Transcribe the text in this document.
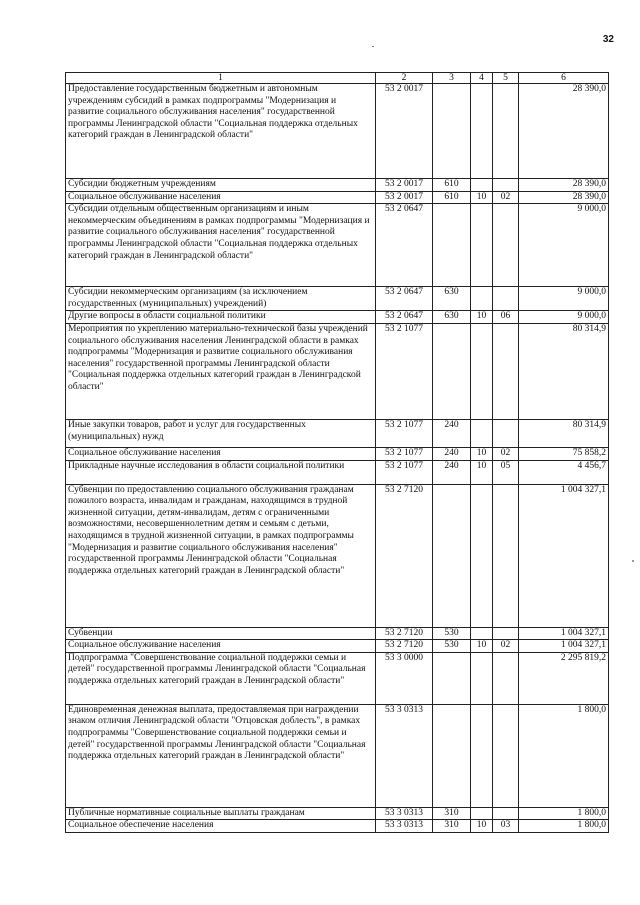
32
1	2	3	4	5	6
Предоставление государственным бюджетным и автономным учреждениям субсидий в рамках подпрограммы "Модернизация и развитие социального обслуживания населения" государственной программы Ленинградской области "Социальная поддержка отдельных категорий граждан в Ленинградской области"	53 2 0017				28 390,0
Субсидии бюджетным учреждениям	53 2 0017	610			28 390,0
Социальное обслуживание населения	53 2 0017	610	10	02	28 390,0
Субсидии отдельным общественным организациям и иным некоммерческим объединениям в рамках подпрограммы "Модернизация и развитие социального обслуживания населения" государственной программы Ленинградской области "Социальная поддержка отдельных категорий граждан в Ленинградской области"	53 2 0647				9 000,0
Субсидии некоммерческим организациям (за исключением государственных (муниципальных) учреждений)	53 2 0647	630			9 000,0
Другие вопросы в области социальной политики	53 2 0647	630	10	06	9 000,0
Мероприятия по укреплению материально-технической базы учреждений социального обслуживания населения Ленинградской области в рамках подпрограммы "Модернизация и развитие социального обслуживания населения" государственной программы Ленинградской области "Социальная поддержка отдельных категорий граждан в Ленинградской области"	53 2 1077				80 314,9
Иные закупки товаров, работ и услуг для государственных (муниципальных) нужд	53 2 1077	240			80 314,9
Социальное обслуживание населения	53 2 1077	240	10	02	75 858,2
Прикладные научные исследования в области социальной политики	53 2 1077	240	10	05	4 456,7
Субвенции по предоставлению социального обслуживания гражданам пожилого возраста, инвалидам и гражданам, находящимся в трудной жизненной ситуации, детям-инвалидам, детям с ограниченными возможностями, несовершеннолетним детям и семьям с детьми, находящимся в трудной жизненной ситуации, в рамках подпрограммы "Модернизация и развитие социального обслуживания населения" государственной программы Ленинградской области "Социальная поддержка отдельных категорий граждан в Ленинградской области"	53 2 7120				1 004 327,1
Субвенции	53 2 7120	530			1 004 327,1
Социальное обслуживание населения	53 2 7120	530	10	02	1 004 327,1
Подпрограмма "Совершенствование социальной поддержки семьи и детей" государственной программы Ленинградской области "Социальная поддержка отдельных категорий граждан в Ленинградской области"	53 3 0000				2 295 819,2
Единовременная денежная выплата, предоставляемая при награждении знаком отличия Ленинградской области "Отцовская доблесть", в рамках подпрограммы "Совершенствование социальной поддержки семьи и детей" государственной программы Ленинградской области "Социальная поддержка отдельных категорий граждан в Ленинградской области"	53 3 0313				1 800,0
Публичные нормативные социальные выплаты гражданам	53 3 0313	310			1 800,0
Социальное обеспечение населения	53 3 0313	310	10	03	1 800,0
